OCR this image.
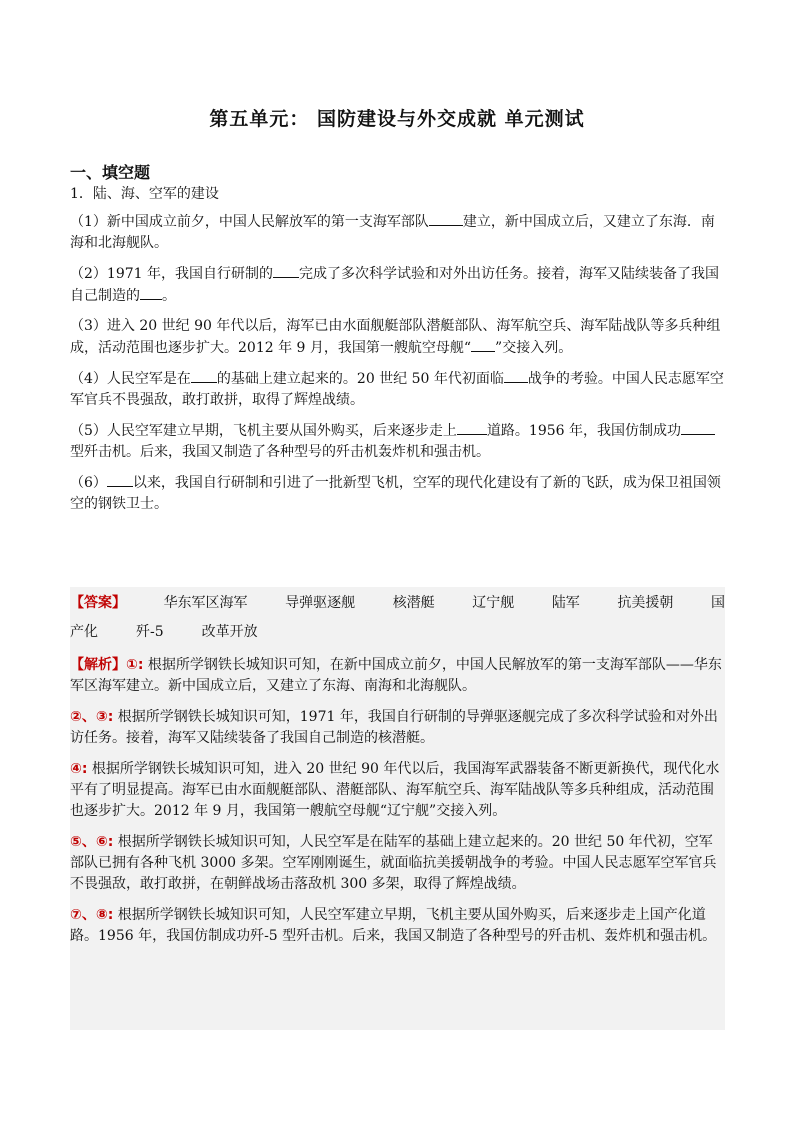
第五单元： 国防建设与外交成就 单元测试
一、填空题
1．陆、海、空军的建设
（1）新中国成立前夕，中国人民解放军的第一支海军部队 建立，新中国成立后，又建立了东海．南海和北海舰队。
（2）1971 年，我国自行研制的 完成了多次科学试验和对外出访任务。接着，海军又陆续装备了我国自己制造的 。
（3）进入 20 世纪 90 年代以后，海军已由水面舰艇部队潜艇部队、海军航空兵、海军陆战队等多兵种组成，活动范围也逐步扩大。2012 年 9 月，我国第一艘航空母舰“ ”交接入列。
（4）人民空军是在 的基础上建立起来的。20 世纪 50 年代初面临 战争的考验。中国人民志愿军空军官兵不畏强敌，敢打敢拼，取得了辉煌战绩。
（5）人民空军建立早期，飞机主要从国外购买，后来逐步走上 道路。1956 年，我国仿制成功型歼击机。后来，我国又制造了各种型号的歼击机轰炸机和强击机。
（6） 以来，我国自行研制和引进了一批新型飞机，空军的现代化建设有了新的飞跃，成为保卫祖国领空的钢铁卫士。
【答案】	华东军区海军	导弹驱逐舰	核潜艇	辽宁舰	陆军	抗美援朝	国
产化	歼-5	改革开放
【解析】①: 根据所学钢铁长城知识可知，在新中国成立前夕，中国人民解放军的第一支海军部队——华东军区海军建立。新中国成立后，又建立了东海、南海和北海舰队。
②、③: 根据所学钢铁长城知识可知，1971 年，我国自行研制的导弹驱逐舰完成了多次科学试验和对外出访任务。接着，海军又陆续装备了我国自己制造的核潜艇。
④: 根据所学钢铁长城知识可知，进入 20 世纪 90 年代以后，我国海军武器装备不断更新换代，现代化水平有了明显提高。海军已由水面舰艇部队、潜艇部队、海军航空兵、海军陆战队等多兵种组成，活动范围也逐步扩大。2012 年 9 月，我国第一艘航空母舰“辽宁舰”交接入列。
⑤、⑥: 根据所学钢铁长城知识可知，人民空军是在陆军的基础上建立起来的。20 世纪 50 年代初，空军部队已拥有各种飞机 3000 多架。空军刚刚诞生，就面临抗美援朝战争的考验。中国人民志愿军空军官兵不畏强敌，敢打敢拼，在朝鲜战场击落敌机 300 多架，取得了辉煌战绩。
⑦、⑧: 根据所学钢铁长城知识可知，人民空军建立早期，飞机主要从国外购买，后来逐步走上国产化道路。1956 年，我国仿制成功歼-5 型歼击机。后来，我国又制造了各种型号的歼击机、轰炸机和强击机。
